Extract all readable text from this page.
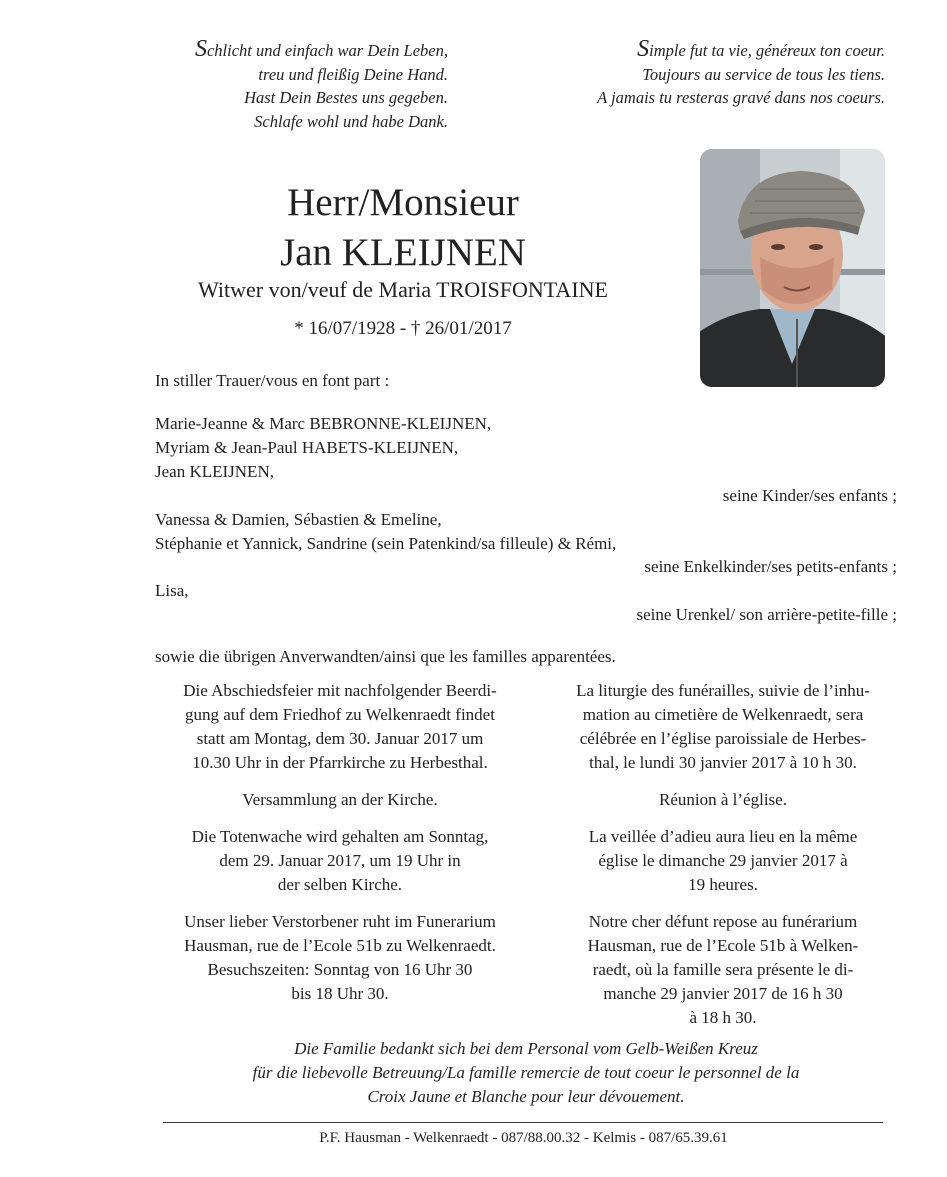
Schlicht und einfach war Dein Leben,
treu und fleißig Deine Hand.
Hast Dein Bestes uns gegeben.
Schlafe wohl und habe Dank.
Simple fut ta vie, généreux ton coeur.
Toujours au service de tous les tiens.
A jamais tu resteras gravé dans nos coeurs.
Herr/Monsieur
Jan KLEIJNEN
Witwer von/veuf de Maria TROISFONTAINE
* 16/07/1928 - † 26/01/2017
In stiller Trauer/vous en font part :
Marie-Jeanne & Marc BEBRONNE-KLEIJNEN,
Myriam & Jean-Paul HABETS-KLEIJNEN,
Jean KLEIJNEN,
seine Kinder/ses enfants ;
Vanessa & Damien, Sébastien & Emeline,
Stéphanie et Yannick, Sandrine (sein Patenkind/sa filleule) & Rémi,
seine Enkelkinder/ses petits-enfants ;
Lisa,
seine Urenkel/ son arrière-petite-fille ;
sowie die übrigen Anverwandten/ainsi que les familles apparentées.
Die Abschiedsfeier mit nachfolgender Beerdi-
gung auf dem Friedhof zu Welkenraedt findet
statt am Montag, dem 30. Januar 2017 um
10.30 Uhr in der Pfarrkirche zu Herbesthal.
Versammlung an der Kirche.
Die Totenwache wird gehalten am Sonntag,
dem 29. Januar 2017, um 19 Uhr in
der selben Kirche.
Unser lieber Verstorbener ruht im Funerarium
Hausman, rue de l’Ecole 51b zu Welkenraedt.
Besuchszeiten: Sonntag von 16 Uhr 30
bis 18 Uhr 30.
La liturgie des funérailles, suivie de l’inhu-
mation au cimetière de Welkenraedt, sera
célébrée en l’église paroissiale de Herbes-
thal, le lundi 30 janvier 2017 à 10 h 30.
Réunion à l’église.
La veillée d’adieu aura lieu en la même
église le dimanche 29 janvier 2017 à
19 heures.
Notre cher défunt repose au funérarium
Hausman, rue de l’Ecole 51b à Welken-
raedt, où la famille sera présente le di-
manche 29 janvier 2017 de 16 h 30
à 18 h 30.
Die Familie bedankt sich bei dem Personal vom Gelb-Weißen Kreuz
für die liebevolle Betreuung/La famille remercie de tout coeur le personnel de la
Croix Jaune et Blanche pour leur dévouement.
P.F. Hausman - Welkenraedt - 087/88.00.32 - Kelmis - 087/65.39.61
